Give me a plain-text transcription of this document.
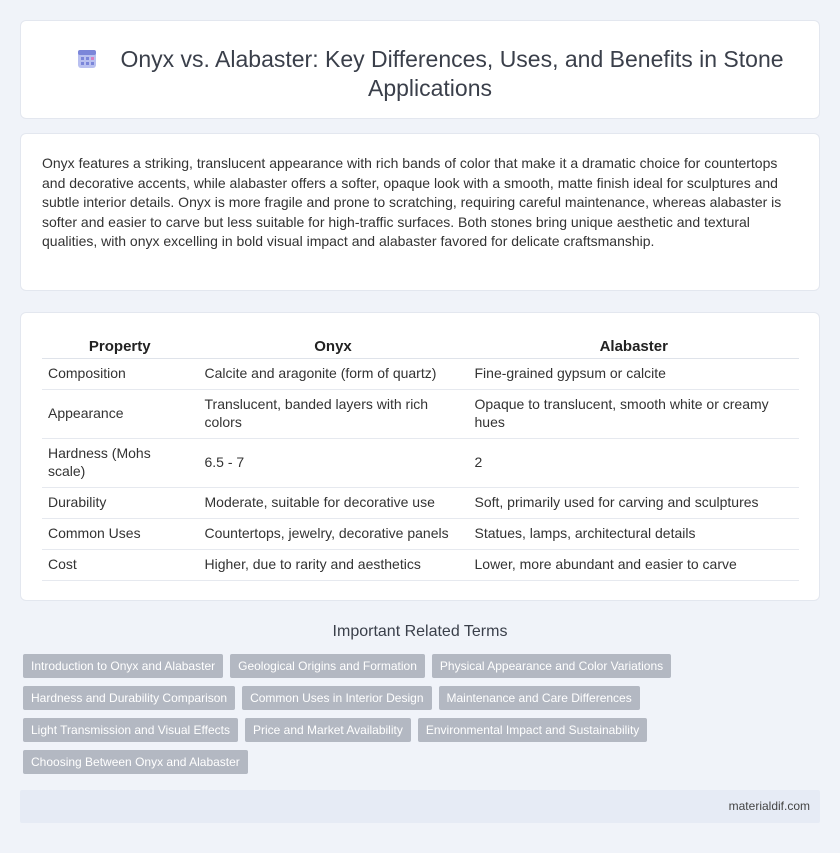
Onyx vs. Alabaster: Key Differences, Uses, and Benefits in Stone Applications

Onyx features a striking, translucent appearance with rich bands of color that make it a dramatic choice for countertops and decorative accents, while alabaster offers a softer, opaque look with a smooth, matte finish ideal for sculptures and subtle interior details. Onyx is more fragile and prone to scratching, requiring careful maintenance, whereas alabaster is softer and easier to carve but less suitable for high-traffic surfaces. Both stones bring unique aesthetic and textural qualities, with onyx excelling in bold visual impact and alabaster favored for delicate craftsmanship.

Property	Onyx	Alabaster
Composition	Calcite and aragonite (form of quartz)	Fine-grained gypsum or calcite
Appearance	Translucent, banded layers with rich colors	Opaque to translucent, smooth white or creamy hues
Hardness (Mohs scale)	6.5 - 7	2
Durability	Moderate, suitable for decorative use	Soft, primarily used for carving and sculptures
Common Uses	Countertops, jewelry, decorative panels	Statues, lamps, architectural details
Cost	Higher, due to rarity and aesthetics	Lower, more abundant and easier to carve
Important Related Terms
Introduction to Onyx and Alabaster	Geological Origins and Formation	Physical Appearance and Color Variations
Hardness and Durability Comparison	Common Uses in Interior Design	Maintenance and Care Differences
Light Transmission and Visual Effects	Price and Market Availability	Environmental Impact and Sustainability
Choosing Between Onyx and Alabaster
materialdif.com
